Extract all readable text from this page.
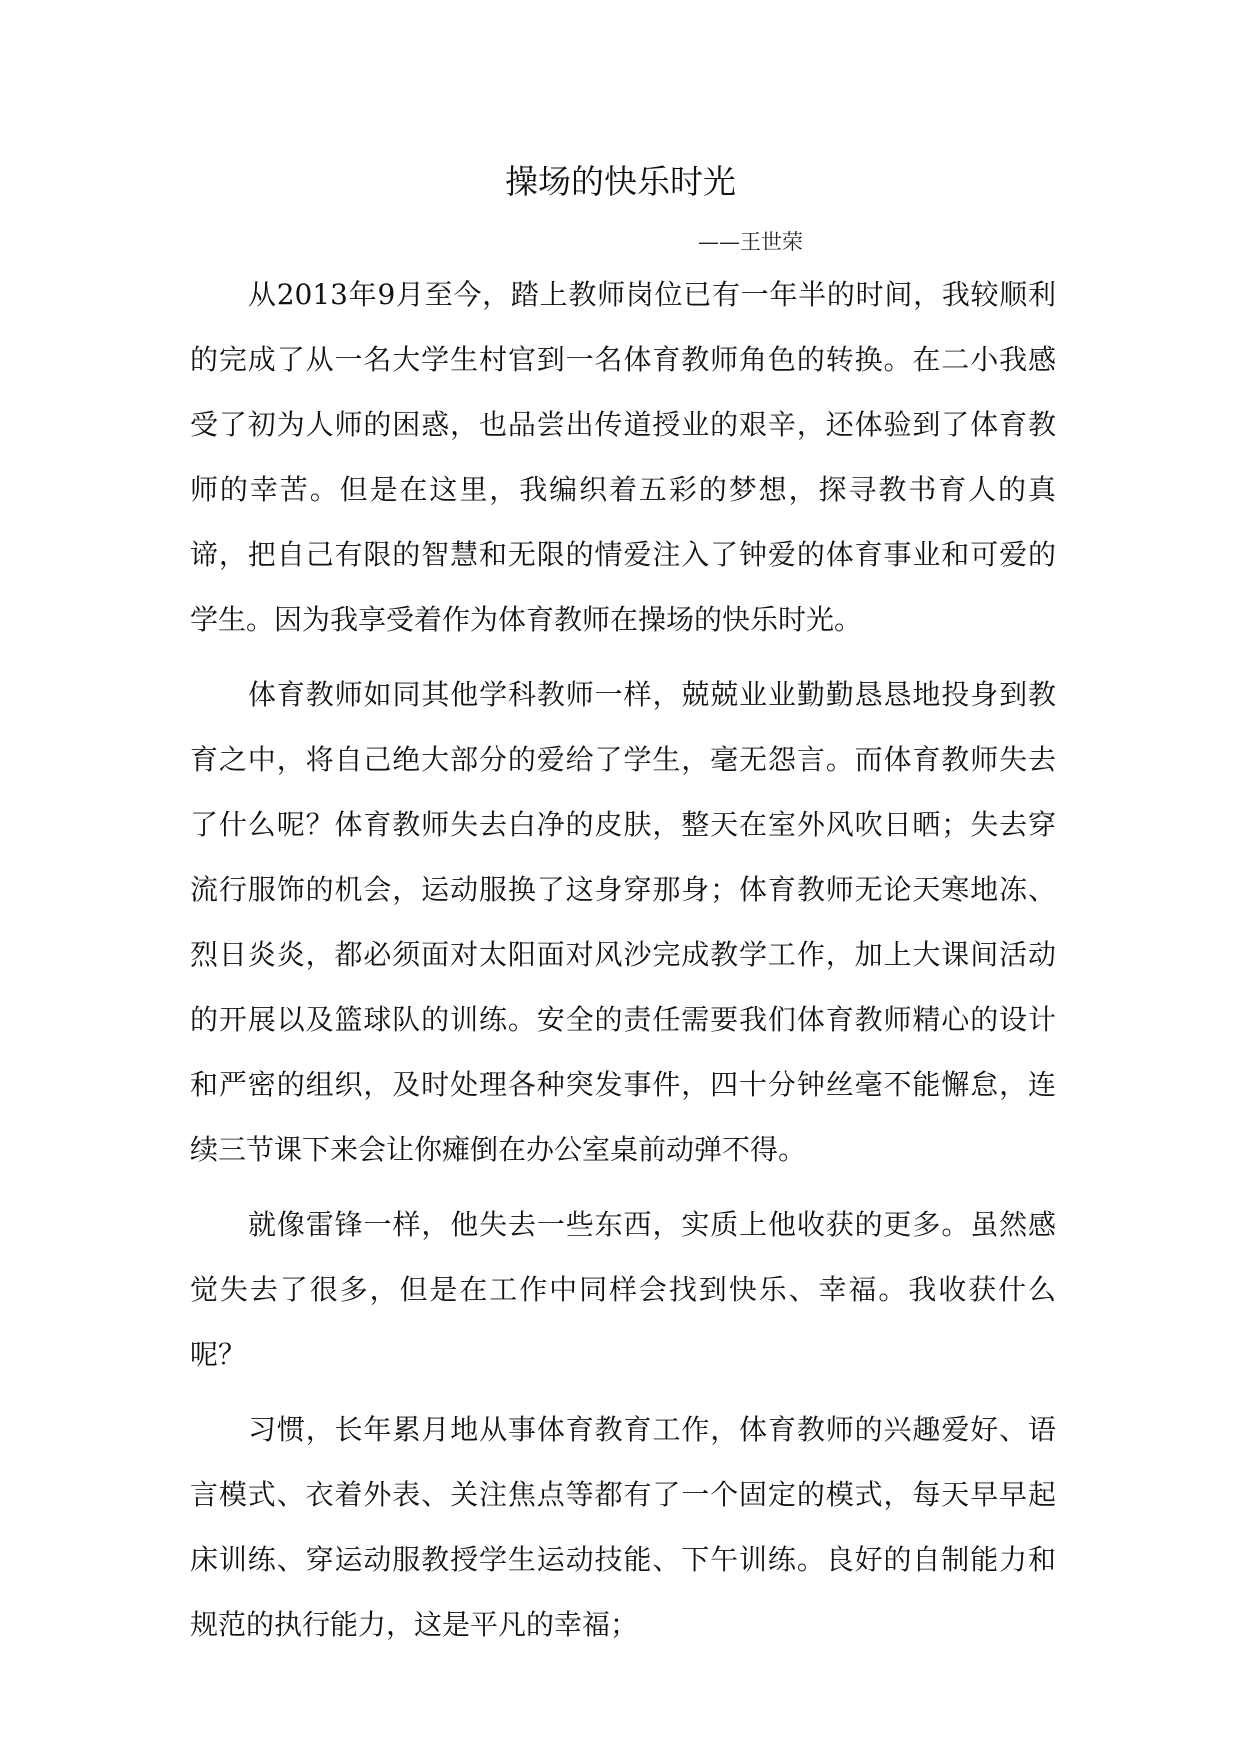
操场的快乐时光
——王世荣

从2013年9月至今，踏上教师岗位已有一年半的时间，我较顺利的完成了从一名大学生村官到一名体育教师角色的转换。在二小我感受了初为人师的困惑，也品尝出传道授业的艰辛，还体验到了体育教师的幸苦。但是在这里，我编织着五彩的梦想，探寻教书育人的真谛，把自己有限的智慧和无限的情爱注入了钟爱的体育事业和可爱的学生。因为我享受着作为体育教师在操场的快乐时光。

体育教师如同其他学科教师一样，兢兢业业勤勤恳恳地投身到教育之中，将自己绝大部分的爱给了学生，毫无怨言。而体育教师失去了什么呢？体育教师失去白净的皮肤，整天在室外风吹日晒；失去穿流行服饰的机会，运动服换了这身穿那身；体育教师无论天寒地冻、烈日炎炎，都必须面对太阳面对风沙完成教学工作，加上大课间活动的开展以及篮球队的训练。安全的责任需要我们体育教师精心的设计和严密的组织，及时处理各种突发事件，四十分钟丝毫不能懈怠，连续三节课下来会让你瘫倒在办公室桌前动弹不得。

就像雷锋一样，他失去一些东西，实质上他收获的更多。虽然感觉失去了很多，但是在工作中同样会找到快乐、幸福。我收获什么呢？

习惯，长年累月地从事体育教育工作，体育教师的兴趣爱好、语言模式、衣着外表、关注焦点等都有了一个固定的模式，每天早早起床训练、穿运动服教授学生运动技能、下午训练。良好的自制能力和规范的执行能力，这是平凡的幸福；
